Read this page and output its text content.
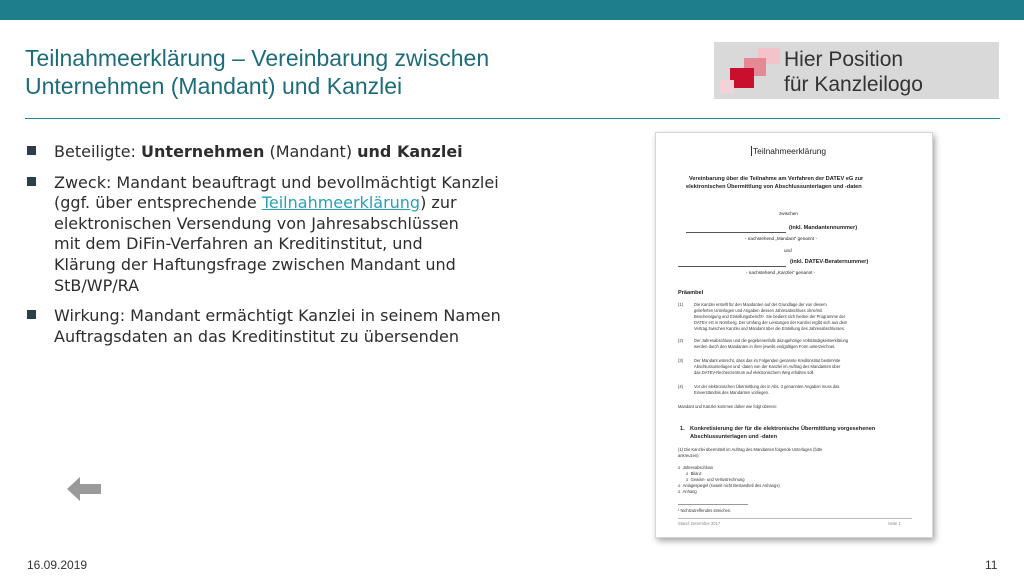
Teilnahmeerklärung – Vereinbarung zwischen
Unternehmen (Mandant) und Kanzlei
Hier Position
für Kanzleilogo
Beteiligte: Unternehmen (Mandant) und Kanzlei
Zweck: Mandant beauftragt und bevollmächtigt Kanzlei
(ggf. über entsprechende Teilnahmeerklärung) zur
elektronischen Versendung von Jahresabschlüssen
mit dem DiFin-Verfahren an Kreditinstitut, und
Klärung der Haftungsfrage zwischen Mandant und
StB/WP/RA
Wirkung: Mandant ermächtigt Kanzlei in seinem Namen
Auftragsdaten an das Kreditinstitut zu übersenden
Teilnahmeerklärung
Vereinbarung über die Teilnahme am Verfahren der DATEV eG zur
elektronischen Übermittlung von Abschlussunterlagen und -daten
zwischen
(inkl. Mandantennummer)
- nachstehend „Mandant“ genannt -
und
(inkl. DATEV-Beraternummer)
- nachstehend „Kanzlei“ genannt -
Präambel
(1)	Die Kanzlei erstellt für den Mandanten auf der Grundlage der von diesem
gelieferten Unterlagen und Angaben dessen Jahresabschluss ohne/mit
Bescheinigung und Erstellungsbericht¹. Sie bedient sich hierbei der Programme der
DATEV eG in Nürnberg. Der Umfang der Leistungen der Kanzlei ergibt sich aus dem
Vertrag zwischen Kanzlei und Mandant über die Erstellung des Jahresabschlusses.
(2)	Der Jahresabschluss und die gegebenenfalls dazugehörige Vollständigkeitserklärung
werden durch den Mandanten in ihrer jeweils endgültigen Form unterzeichnet.
(3)	Der Mandant wünscht, dass das im Folgenden genannte Kreditinstitut bestimmte
Abschlussunterlagen und -daten von der Kanzlei im Auftrag des Mandanten über
das DATEV-Rechenzentrum auf elektronischem Weg erhalten soll.
(4)	Vor der elektronischen Übermittlung der in Abs. 3 genannten Angaben muss das
Einverständnis des Mandanten vorliegen.
Mandant und Kanzlei kommen daher wie folgt überein:
1. Konkretisierung der für die elektronische Übermittlung vorgesehenen
Abschlussunterlagen und -daten
(1) Die Kanzlei übermittelt im Auftrag des Mandanten folgende Unterlagen (bitte
ankreuzen):
o  Jahresabschluss
o  Bilanz
o  Gewinn- und Verlustrechnung
o  Anlagespiegel (soweit nicht Bestandteil des Anhangs)
o  Anhang
¹ Nichtzutreffendes streichen.
Stand: Dezember 2017	Seite 1
16.09.2019	11
